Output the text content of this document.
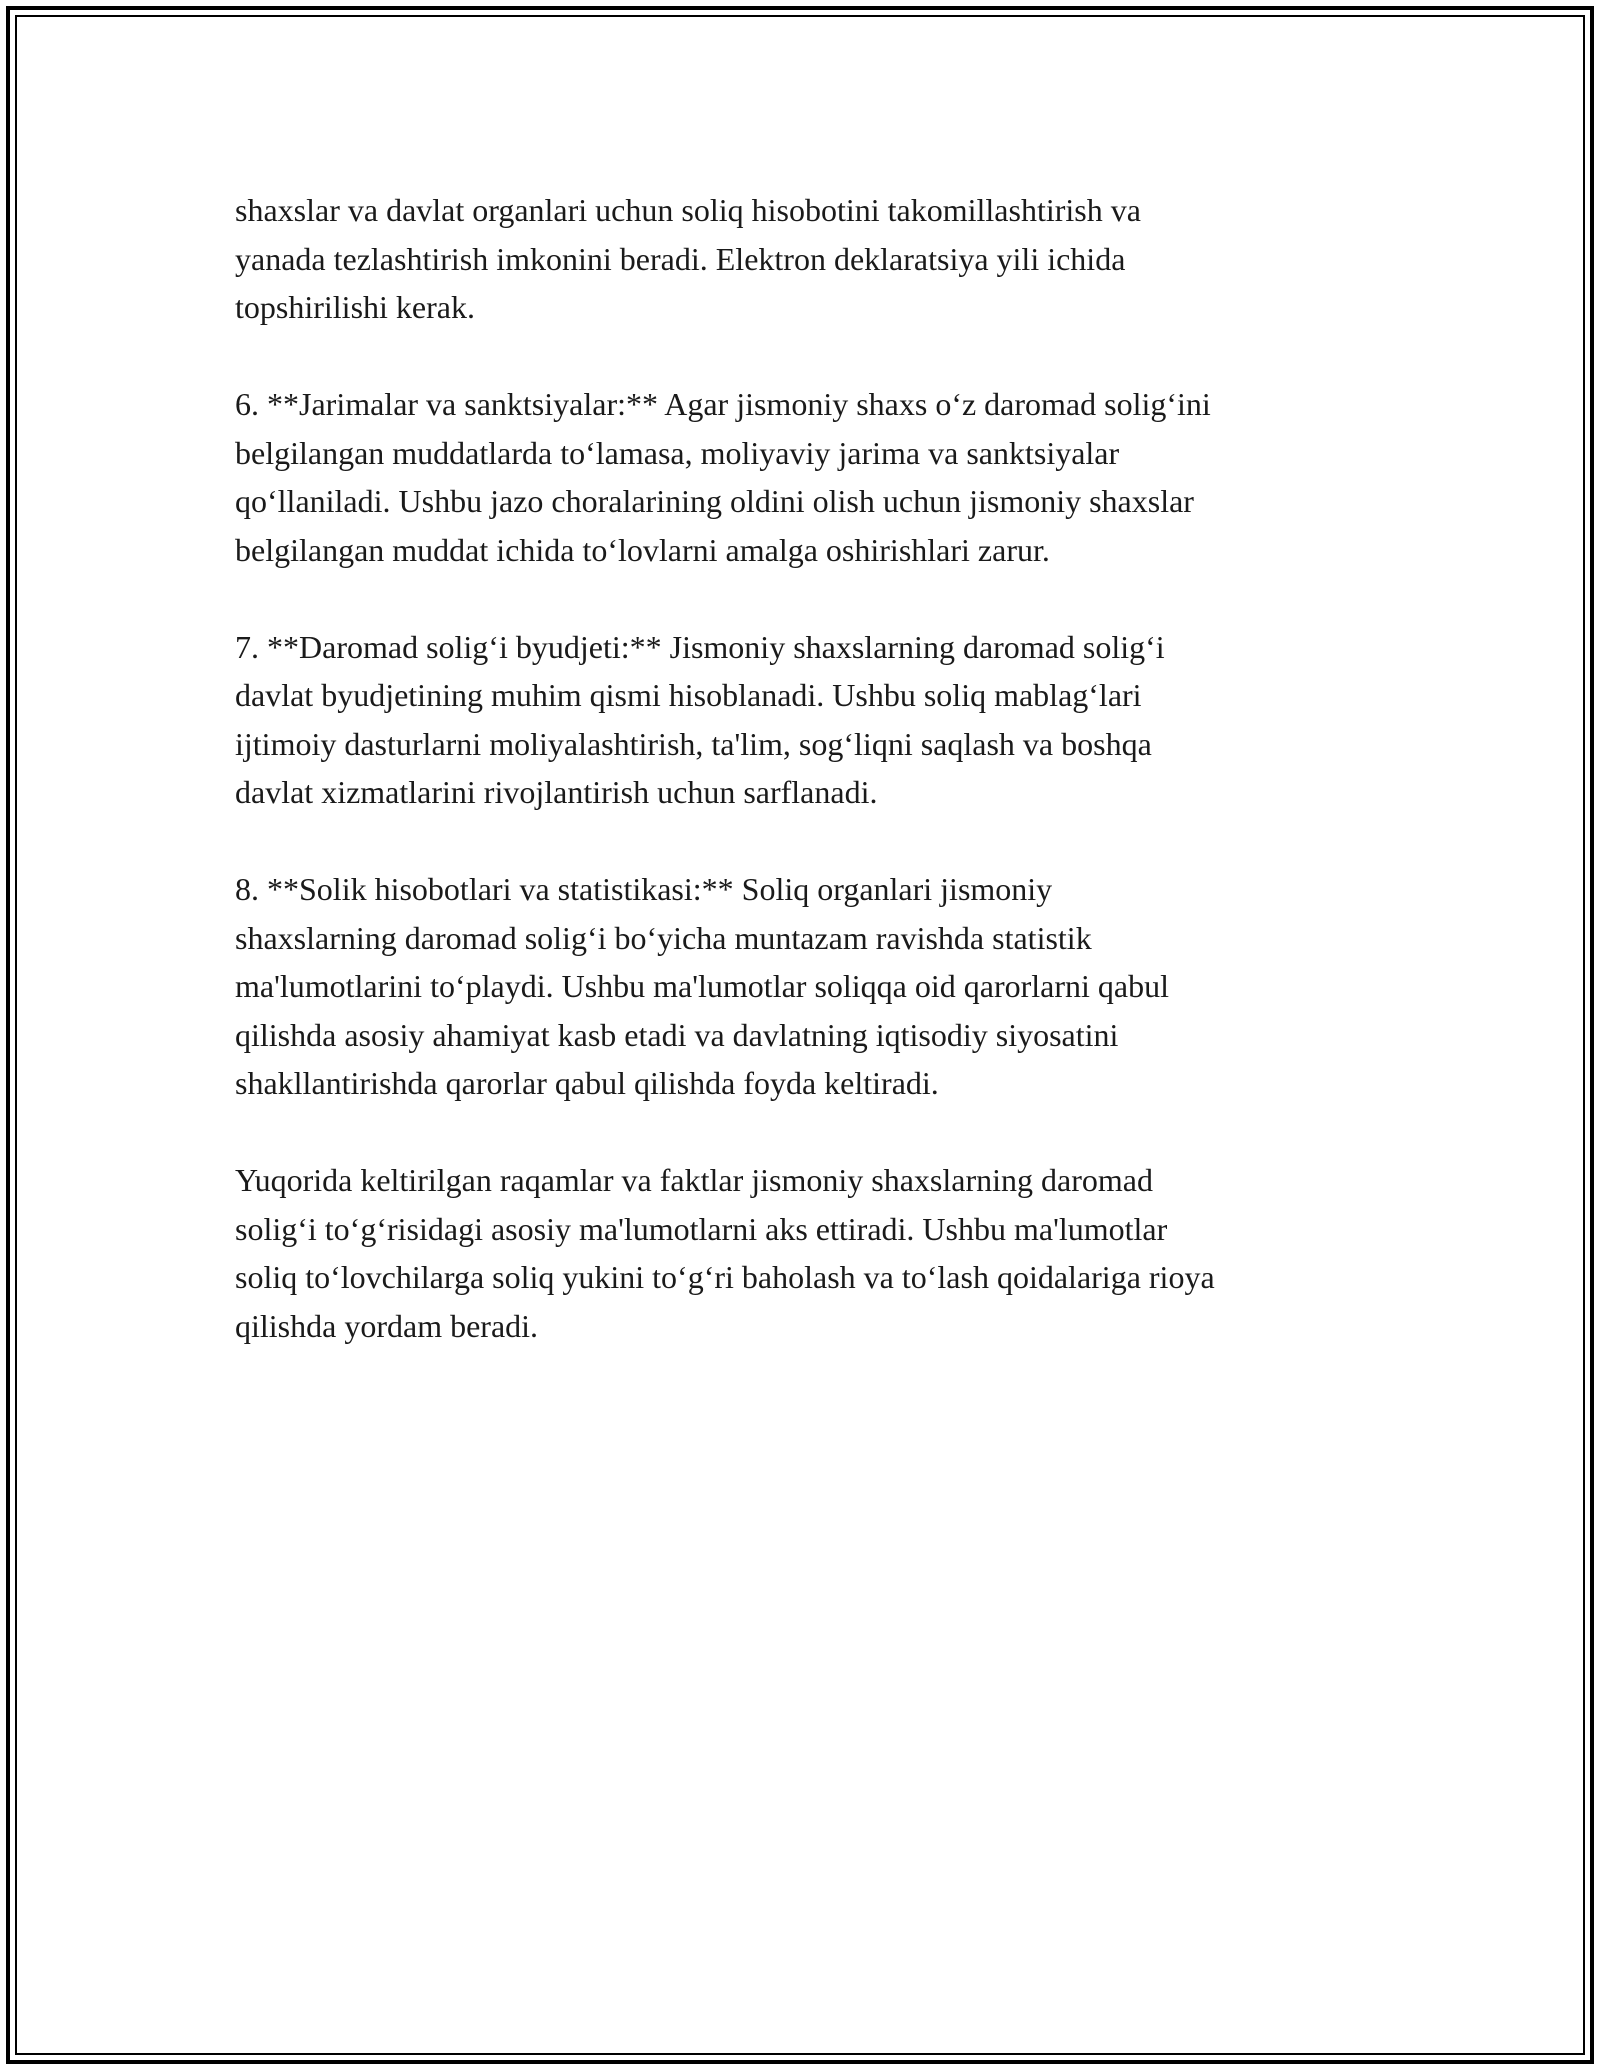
shaxslar va davlat organlari uchun soliq hisobotini takomillashtirish va
yanada tezlashtirish imkonini beradi. Elektron deklaratsiya yili ichida
topshirilishi kerak.

6. **Jarimalar va sanktsiyalar:** Agar jismoniy shaxs o‘z daromad solig‘ini
belgilangan muddatlarda to‘lamasa, moliyaviy jarima va sanktsiyalar
qo‘llaniladi. Ushbu jazo choralarining oldini olish uchun jismoniy shaxslar
belgilangan muddat ichida to‘lovlarni amalga oshirishlari zarur.

7. **Daromad solig‘i byudjeti:** Jismoniy shaxslarning daromad solig‘i
davlat byudjetining muhim qismi hisoblanadi. Ushbu soliq mablag‘lari
ijtimoiy dasturlarni moliyalashtirish, ta'lim, sog‘liqni saqlash va boshqa
davlat xizmatlarini rivojlantirish uchun sarflanadi.

8. **Solik hisobotlari va statistikasi:** Soliq organlari jismoniy
shaxslarning daromad solig‘i bo‘yicha muntazam ravishda statistik
ma'lumotlarini to‘playdi. Ushbu ma'lumotlar soliqqa oid qarorlarni qabul
qilishda asosiy ahamiyat kasb etadi va davlatning iqtisodiy siyosatini
shakllantirishda qarorlar qabul qilishda foyda keltiradi.

Yuqorida keltirilgan raqamlar va faktlar jismoniy shaxslarning daromad
solig‘i to‘g‘risidagi asosiy ma'lumotlarni aks ettiradi. Ushbu ma'lumotlar
soliq to‘lovchilarga soliq yukini to‘g‘ri baholash va to‘lash qoidalariga rioya
qilishda yordam beradi.
